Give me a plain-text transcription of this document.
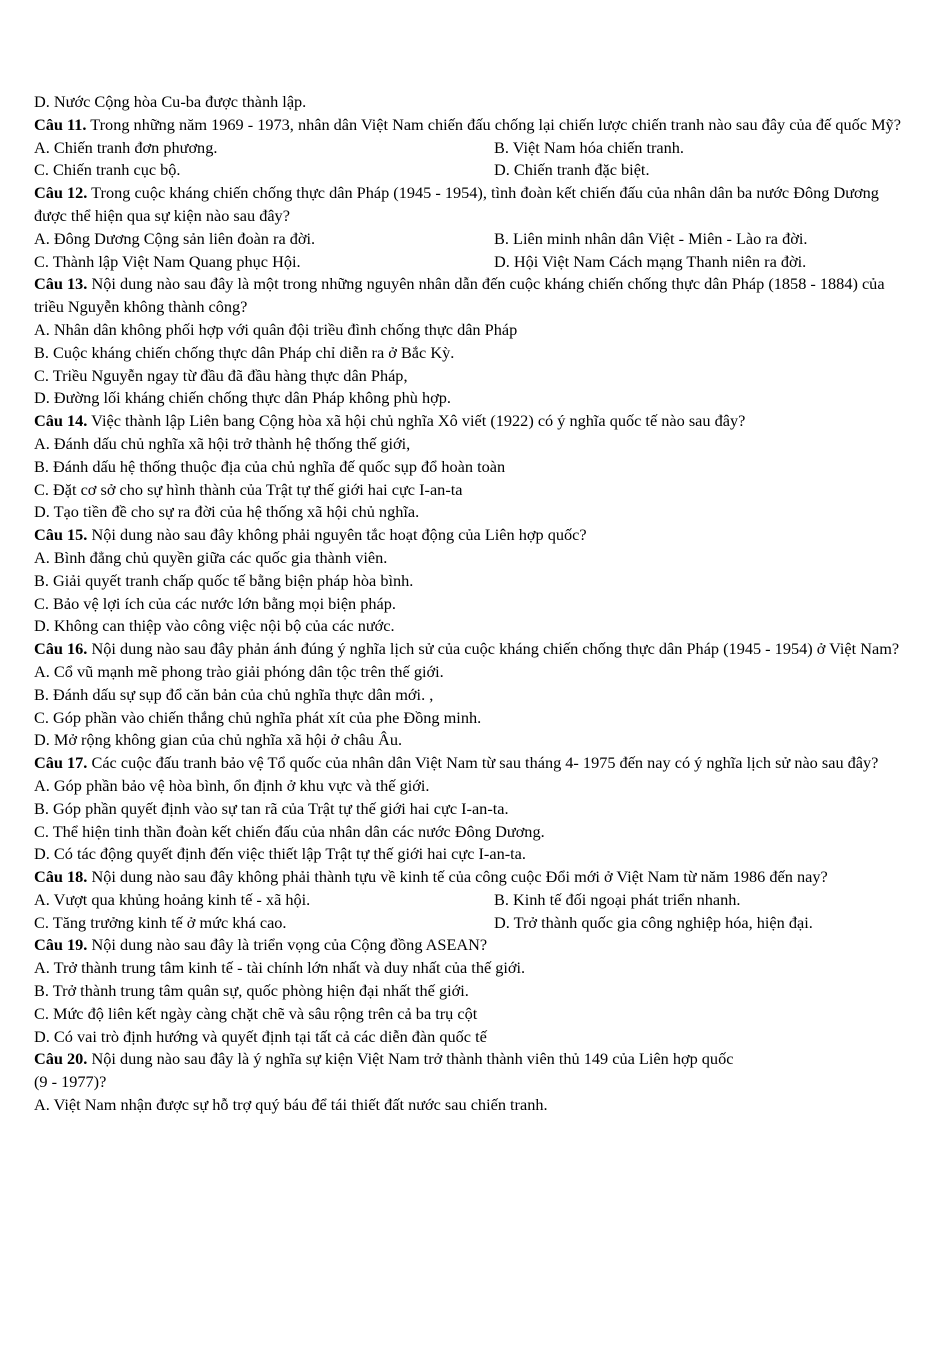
D. Nước Cộng hòa Cu-ba được thành lập.
Câu 11. Trong những năm 1969 - 1973, nhân dân Việt Nam chiến đấu chống lại chiến lược chiến tranh nào sau đây của đế quốc Mỹ?
A. Chiến tranh đơn phương.	B. Việt Nam hóa chiến tranh.
C. Chiến tranh cục bộ.	D. Chiến tranh đặc biệt.
Câu 12. Trong cuộc kháng chiến chống thực dân Pháp (1945 - 1954), tình đoàn kết chiến đấu của nhân dân ba nước Đông Dương được thể hiện qua sự kiện nào sau đây?
A. Đông Dương Cộng sản liên đoàn ra đời.	B. Liên minh nhân dân Việt - Miên - Lào ra đời.
C. Thành lập Việt Nam Quang phục Hội.	D. Hội Việt Nam Cách mạng Thanh niên ra đời.
Câu 13. Nội dung nào sau đây là một trong những nguyên nhân dẫn đến cuộc kháng chiến chống thực dân Pháp (1858 - 1884) của triều Nguyễn không thành công?
A. Nhân dân không phối hợp với quân đội triều đình chống thực dân Pháp
B. Cuộc kháng chiến chống thực dân Pháp chỉ diễn ra ở Bắc Kỳ.
C. Triều Nguyễn ngay từ đầu đã đầu hàng thực dân Pháp,
D. Đường lối kháng chiến chống thực dân Pháp không phù hợp.
Câu 14. Việc thành lập Liên bang Cộng hòa xã hội chủ nghĩa Xô viết (1922) có ý nghĩa quốc tế nào sau đây?
A. Đánh dấu chủ nghĩa xã hội trở thành hệ thống thế giới,
B. Đánh dấu hệ thống thuộc địa của chủ nghĩa đế quốc sụp đổ hoàn toàn
C. Đặt cơ sở cho sự hình thành của Trật tự thế giới hai cực I-an-ta
D. Tạo tiền đề cho sự ra đời của hệ thống xã hội chủ nghĩa.
Câu 15. Nội dung nào sau đây không phải nguyên tắc hoạt động của Liên hợp quốc?
A. Bình đẳng chủ quyền giữa các quốc gia thành viên.
B. Giải quyết tranh chấp quốc tế bằng biện pháp hòa bình.
C. Bảo vệ lợi ích của các nước lớn bằng mọi biện pháp.
D. Không can thiệp vào công việc nội bộ của các nước.
Câu 16. Nội dung nào sau đây phản ánh đúng ý nghĩa lịch sử của cuộc kháng chiến chống thực dân Pháp (1945 - 1954) ở Việt Nam?
A. Cổ vũ mạnh mẽ phong trào giải phóng dân tộc trên thế giới.
B. Đánh dấu sự sụp đổ căn bản của chủ nghĩa thực dân mới. ,
C. Góp phần vào chiến thắng chủ nghĩa phát xít của phe Đồng minh.
D. Mở rộng không gian của chủ nghĩa xã hội ở châu Âu.
Câu 17. Các cuộc đấu tranh bảo vệ Tổ quốc của nhân dân Việt Nam từ sau tháng 4- 1975 đến nay có ý nghĩa lịch sử nào sau đây?
A. Góp phần bảo vệ hòa bình, ổn định ở khu vực và thế giới.
B. Góp phần quyết định vào sự tan rã của Trật tự thế giới hai cực I-an-ta.
C. Thể hiện tinh thần đoàn kết chiến đấu của nhân dân các nước Đông Dương.
D. Có tác động quyết định đến việc thiết lập Trật tự thế giới hai cực I-an-ta.
Câu 18. Nội dung nào sau đây không phải thành tựu về kinh tế của công cuộc Đổi mới ở Việt Nam từ năm 1986 đến nay?
A. Vượt qua khủng hoảng kinh tế - xã hội.	B. Kinh tế đối ngoại phát triển nhanh.
C. Tăng trưởng kinh tế ở mức khá cao.	D. Trở thành quốc gia công nghiệp hóa, hiện đại.
Câu 19. Nội dung nào sau đây là triển vọng của Cộng đồng ASEAN?
A. Trở thành trung tâm kinh tế - tài chính lớn nhất và duy nhất của thế giới.
B. Trở thành trung tâm quân sự, quốc phòng hiện đại nhất thế giới.
C. Mức độ liên kết ngày càng chặt chẽ và sâu rộng trên cả ba trụ cột
D. Có vai trò định hướng và quyết định tại tất cả các diễn đàn quốc tế
Câu 20. Nội dung nào sau đây là ý nghĩa sự kiện Việt Nam trở thành thành viên thủ 149 của Liên hợp quốc
(9 - 1977)?
A. Việt Nam nhận được sự hỗ trợ quý báu để tái thiết đất nước sau chiến tranh.
